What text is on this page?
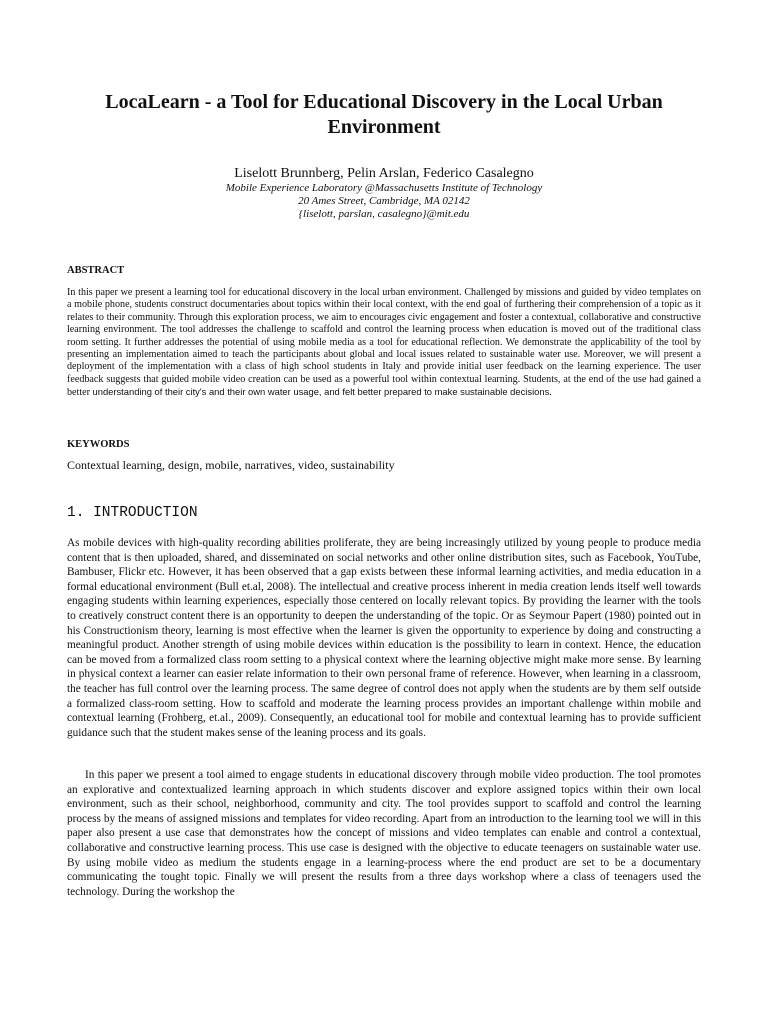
LocaLearn - a Tool for Educational Discovery in the Local Urban Environment
Liselott Brunnberg, Pelin Arslan, Federico Casalegno
Mobile Experience Laboratory @Massachusetts Institute of Technology
20 Ames Street, Cambridge, MA 02142
{liselott, parslan, casalegno}@mit.edu
ABSTRACT

In this paper we present a learning tool for educational discovery in the local urban environment. Challenged by missions and guided by video templates on a mobile phone, students construct documentaries about topics within their local context, with the end goal of furthering their comprehension of a topic as it relates to their community. Through this exploration process, we aim to encourages civic engagement and foster a contextual, collaborative and constructive learning environment. The tool addresses the challenge to scaffold and control the learning process when education is moved out of the traditional class room setting. It further addresses the potential of using mobile media as a tool for educational reflection. We demonstrate the applicability of the tool by presenting an implementation aimed to teach the participants about global and local issues related to sustainable water use. Moreover, we will present a deployment of the implementation with a class of high school students in Italy and provide initial user feedback on the learning experience. The user feedback suggests that guided mobile video creation can be used as a powerful tool within contextual learning. Students, at the end of the use had gained a better understanding of their city's and their own water usage, and felt better prepared to make sustainable decisions.

KEYWORDS

Contextual learning, design, mobile, narratives, video, sustainability

1. INTRODUCTION

As mobile devices with high-quality recording abilities proliferate, they are being increasingly utilized by young people to produce media content that is then uploaded, shared, and disseminated on social networks and other online distribution sites, such as Facebook, YouTube, Bambuser, Flickr etc. However, it has been observed that a gap exists between these informal learning activities, and media education in a formal educational environment (Bull et.al, 2008). The intellectual and creative process inherent in media creation lends itself well towards engaging students within learning experiences, especially those centered on locally relevant topics. By providing the learner with the tools to creatively construct content there is an opportunity to deepen the understanding of the topic. Or as Seymour Papert (1980) pointed out in his Constructionism theory, learning is most effective when the learner is given the opportunity to experience by doing and constructing a meaningful product. Another strength of using mobile devices within education is the possibility to learn in context. Hence, the education can be moved from a formalized class room setting to a physical context where the learning objective might make more sense. By learning in physical context a learner can easier relate information to their own personal frame of reference. However, when learning in a classroom, the teacher has full control over the learning process. The same degree of control does not apply when the students are by them self outside a formalized class-room setting. How to scaffold and moderate the learning process provides an important challenge within mobile and contextual learning (Frohberg, et.al., 2009). Consequently, an educational tool for mobile and contextual learning has to provide sufficient guidance such that the student makes sense of the leaning process and its goals.

In this paper we present a tool aimed to engage students in educational discovery through mobile video production. The tool promotes an explorative and contextualized learning approach in which students discover and explore assigned topics within their own local environment, such as their school, neighborhood, community and city. The tool provides support to scaffold and control the learning process by the means of assigned missions and templates for video recording. Apart from an introduction to the learning tool we will in this paper also present a use case that demonstrates how the concept of missions and video templates can enable and control a contextual, collaborative and constructive learning process. This use case is designed with the objective to educate teenagers on sustainable water use. By using mobile video as medium the students engage in a learning-process where the end product are set to be a documentary communicating the tought topic. Finally we will present the results from a three days workshop where a class of teenagers used the technology. During the workshop the
